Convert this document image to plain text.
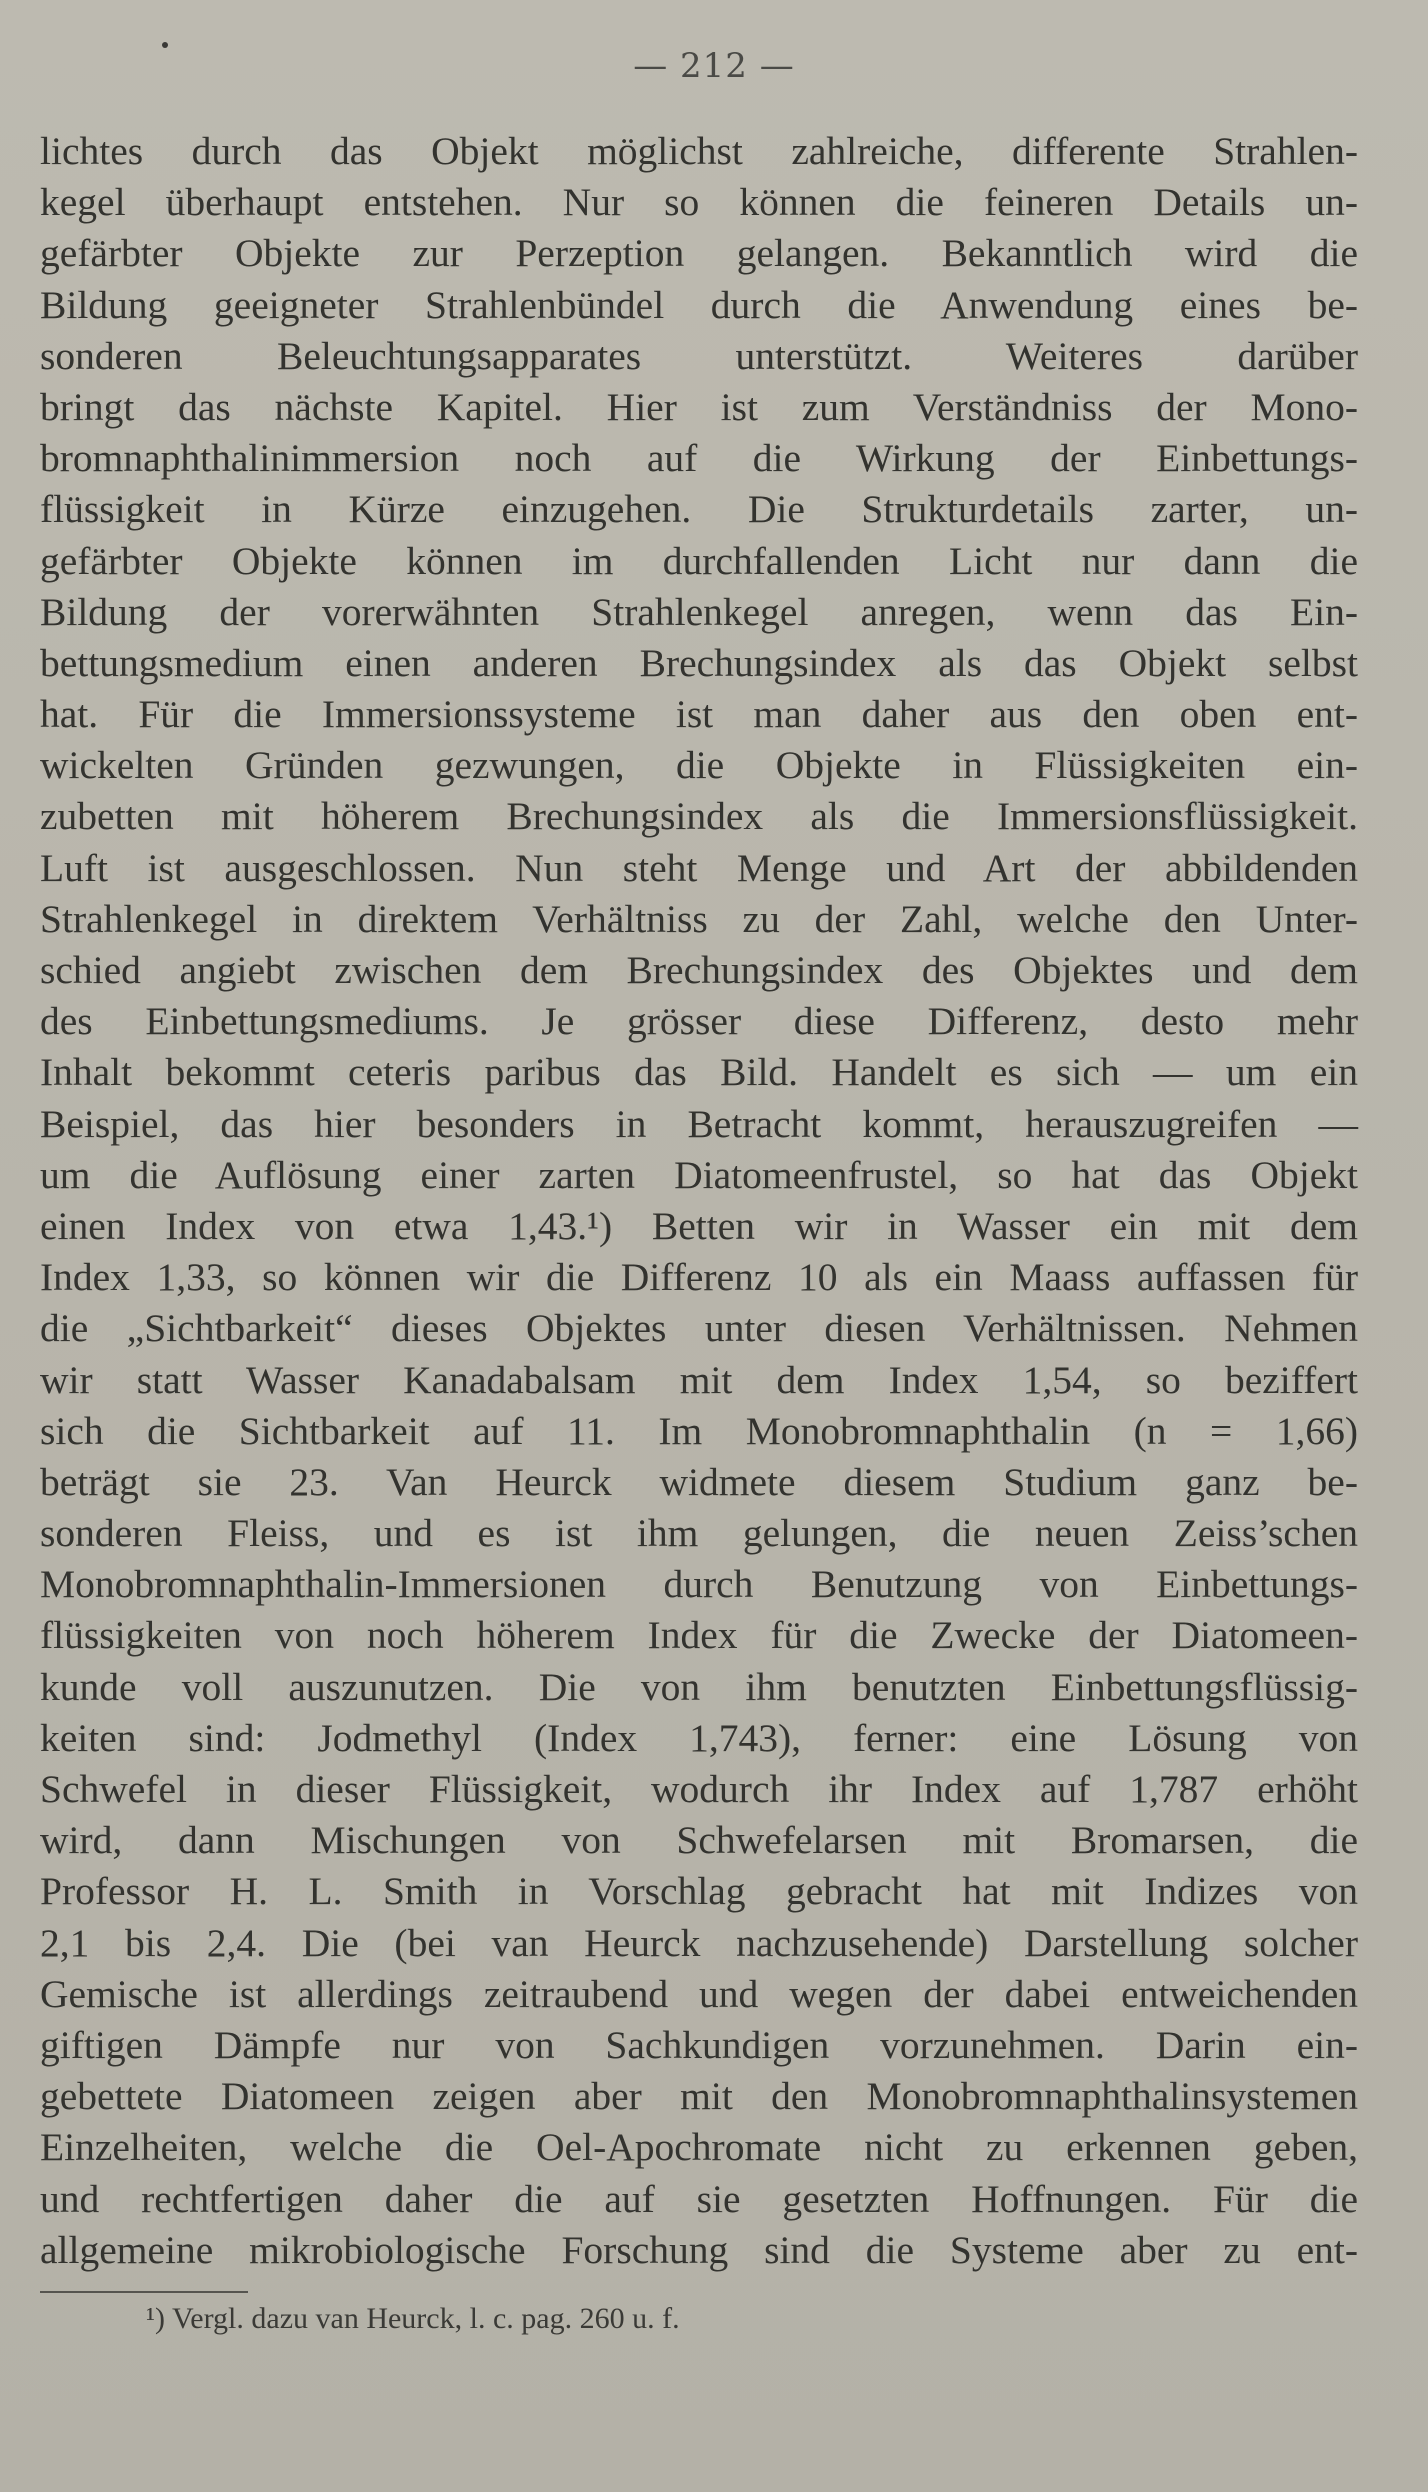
— 212 —
lichtes durch das Objekt möglichst zahlreiche, differente Strahlen-
kegel überhaupt entstehen. Nur so können die feineren Details un-
gefärbter Objekte zur Perzeption gelangen. Bekanntlich wird die
Bildung geeigneter Strahlenbündel durch die Anwendung eines be-
sonderen Beleuchtungsapparates unterstützt. Weiteres darüber
bringt das nächste Kapitel. Hier ist zum Verständniss der Mono-
bromnaphthalinimmersion noch auf die Wirkung der Einbettungs-
flüssigkeit in Kürze einzugehen. Die Strukturdetails zarter, un-
gefärbter Objekte können im durchfallenden Licht nur dann die
Bildung der vorerwähnten Strahlenkegel anregen, wenn das Ein-
bettungsmedium einen anderen Brechungsindex als das Objekt selbst
hat. Für die Immersionssysteme ist man daher aus den oben ent-
wickelten Gründen gezwungen, die Objekte in Flüssigkeiten ein-
zubetten mit höherem Brechungsindex als die Immersionsflüssigkeit.
Luft ist ausgeschlossen. Nun steht Menge und Art der abbildenden
Strahlenkegel in direktem Verhältniss zu der Zahl, welche den Unter-
schied angiebt zwischen dem Brechungsindex des Objektes und dem
des Einbettungsmediums. Je grösser diese Differenz, desto mehr
Inhalt bekommt ceteris paribus das Bild. Handelt es sich — um ein
Beispiel, das hier besonders in Betracht kommt, herauszugreifen —
um die Auflösung einer zarten Diatomeenfrustel, so hat das Objekt
einen Index von etwa 1,43.¹) Betten wir in Wasser ein mit dem
Index 1,33, so können wir die Differenz 10 als ein Maass auffassen für
die „Sichtbarkeit“ dieses Objektes unter diesen Verhältnissen. Nehmen
wir statt Wasser Kanadabalsam mit dem Index 1,54, so beziffert
sich die Sichtbarkeit auf 11. Im Monobromnaphthalin (n = 1,66)
beträgt sie 23. Van Heurck widmete diesem Studium ganz be-
sonderen Fleiss, und es ist ihm gelungen, die neuen Zeiss’schen
Monobromnaphthalin-Immersionen durch Benutzung von Einbettungs-
flüssigkeiten von noch höherem Index für die Zwecke der Diatomeen-
kunde voll auszunutzen. Die von ihm benutzten Einbettungsflüssig-
keiten sind: Jodmethyl (Index 1,743), ferner: eine Lösung von
Schwefel in dieser Flüssigkeit, wodurch ihr Index auf 1,787 erhöht
wird, dann Mischungen von Schwefelarsen mit Bromarsen, die
Professor H. L. Smith in Vorschlag gebracht hat mit Indizes von
2,1 bis 2,4. Die (bei van Heurck nachzusehende) Darstellung solcher
Gemische ist allerdings zeitraubend und wegen der dabei entweichenden
giftigen Dämpfe nur von Sachkundigen vorzunehmen. Darin ein-
gebettete Diatomeen zeigen aber mit den Monobromnaphthalinsystemen
Einzelheiten, welche die Oel-Apochromate nicht zu erkennen geben,
und rechtfertigen daher die auf sie gesetzten Hoffnungen. Für die
allgemeine mikrobiologische Forschung sind die Systeme aber zu ent-
¹) Vergl. dazu van Heurck, l. c. pag. 260 u. f.
